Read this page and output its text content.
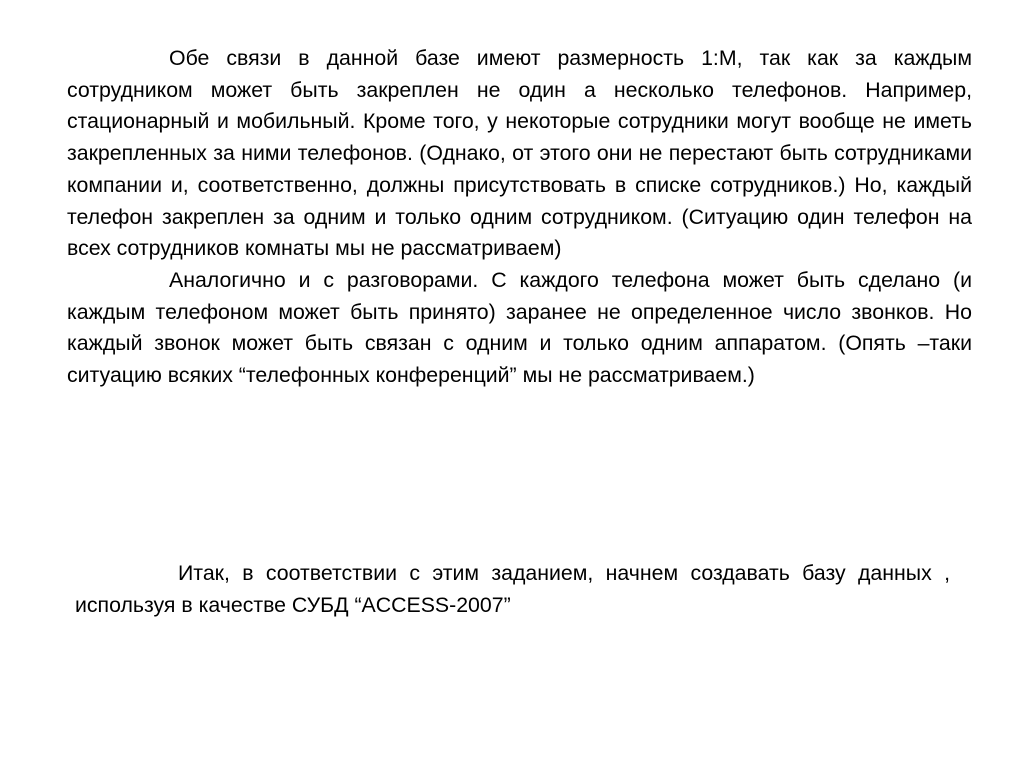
Обе связи в данной базе имеют размерность 1:М, так как за каждым сотрудником может быть закреплен не один а несколько телефонов. Например, стационарный и мобильный. Кроме того, у некоторые сотрудники могут вообще не иметь закрепленных за ними телефонов. (Однако, от этого они не перестают быть сотрудниками компании и, соответственно, должны присутствовать в списке сотрудников.) Но, каждый телефон закреплен за одним и только одним сотрудником. (Ситуацию один телефон на всех сотрудников комнаты мы не рассматриваем)

Аналогично и с разговорами. С каждого телефона может быть сделано (и каждым телефоном может быть принято) заранее не определенное число звонков. Но каждый звонок может быть связан с одним и только одним аппаратом. (Опять –таки ситуацию всяких “телефонных конференций” мы не рассматриваем.)

Итак, в соответствии с этим заданием, начнем создавать базу данных , используя в качестве СУБД “ACCESS-2007”
